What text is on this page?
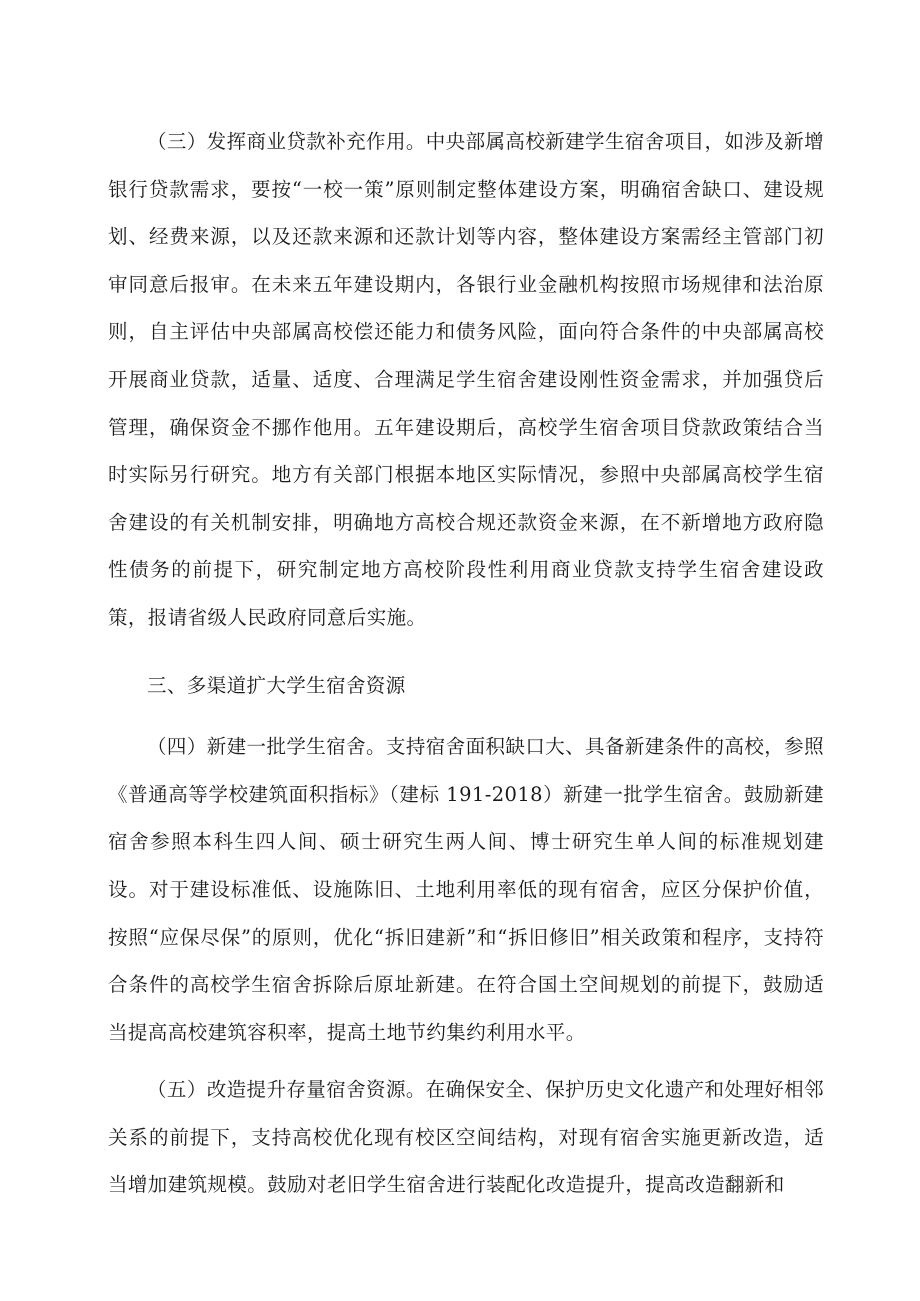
（三）发挥商业贷款补充作用。中央部属高校新建学生宿舍项目，如涉及新增银行贷款需求，要按“一校一策”原则制定整体建设方案，明确宿舍缺口、建设规划、经费来源，以及还款来源和还款计划等内容，整体建设方案需经主管部门初审同意后报审。在未来五年建设期内，各银行业金融机构按照市场规律和法治原则，自主评估中央部属高校偿还能力和债务风险，面向符合条件的中央部属高校开展商业贷款，适量、适度、合理满足学生宿舍建设刚性资金需求，并加强贷后管理，确保资金不挪作他用。五年建设期后，高校学生宿舍项目贷款政策结合当时实际另行研究。地方有关部门根据本地区实际情况，参照中央部属高校学生宿舍建设的有关机制安排，明确地方高校合规还款资金来源，在不新增地方政府隐性债务的前提下，研究制定地方高校阶段性利用商业贷款支持学生宿舍建设政策，报请省级人民政府同意后实施。

三、多渠道扩大学生宿舍资源

（四）新建一批学生宿舍。支持宿舍面积缺口大、具备新建条件的高校，参照《普通高等学校建筑面积指标》（建标 191-2018）新建一批学生宿舍。鼓励新建宿舍参照本科生四人间、硕士研究生两人间、博士研究生单人间的标准规划建设。对于建设标准低、设施陈旧、土地利用率低的现有宿舍，应区分保护价值，按照“应保尽保”的原则，优化“拆旧建新”和“拆旧修旧”相关政策和程序，支持符合条件的高校学生宿舍拆除后原址新建。在符合国土空间规划的前提下，鼓励适当提高高校建筑容积率，提高土地节约集约利用水平。

（五）改造提升存量宿舍资源。在确保安全、保护历史文化遗产和处理好相邻关系的前提下，支持高校优化现有校区空间结构，对现有宿舍实施更新改造，适当增加建筑规模。鼓励对老旧学生宿舍进行装配化改造提升，提高改造翻新和
